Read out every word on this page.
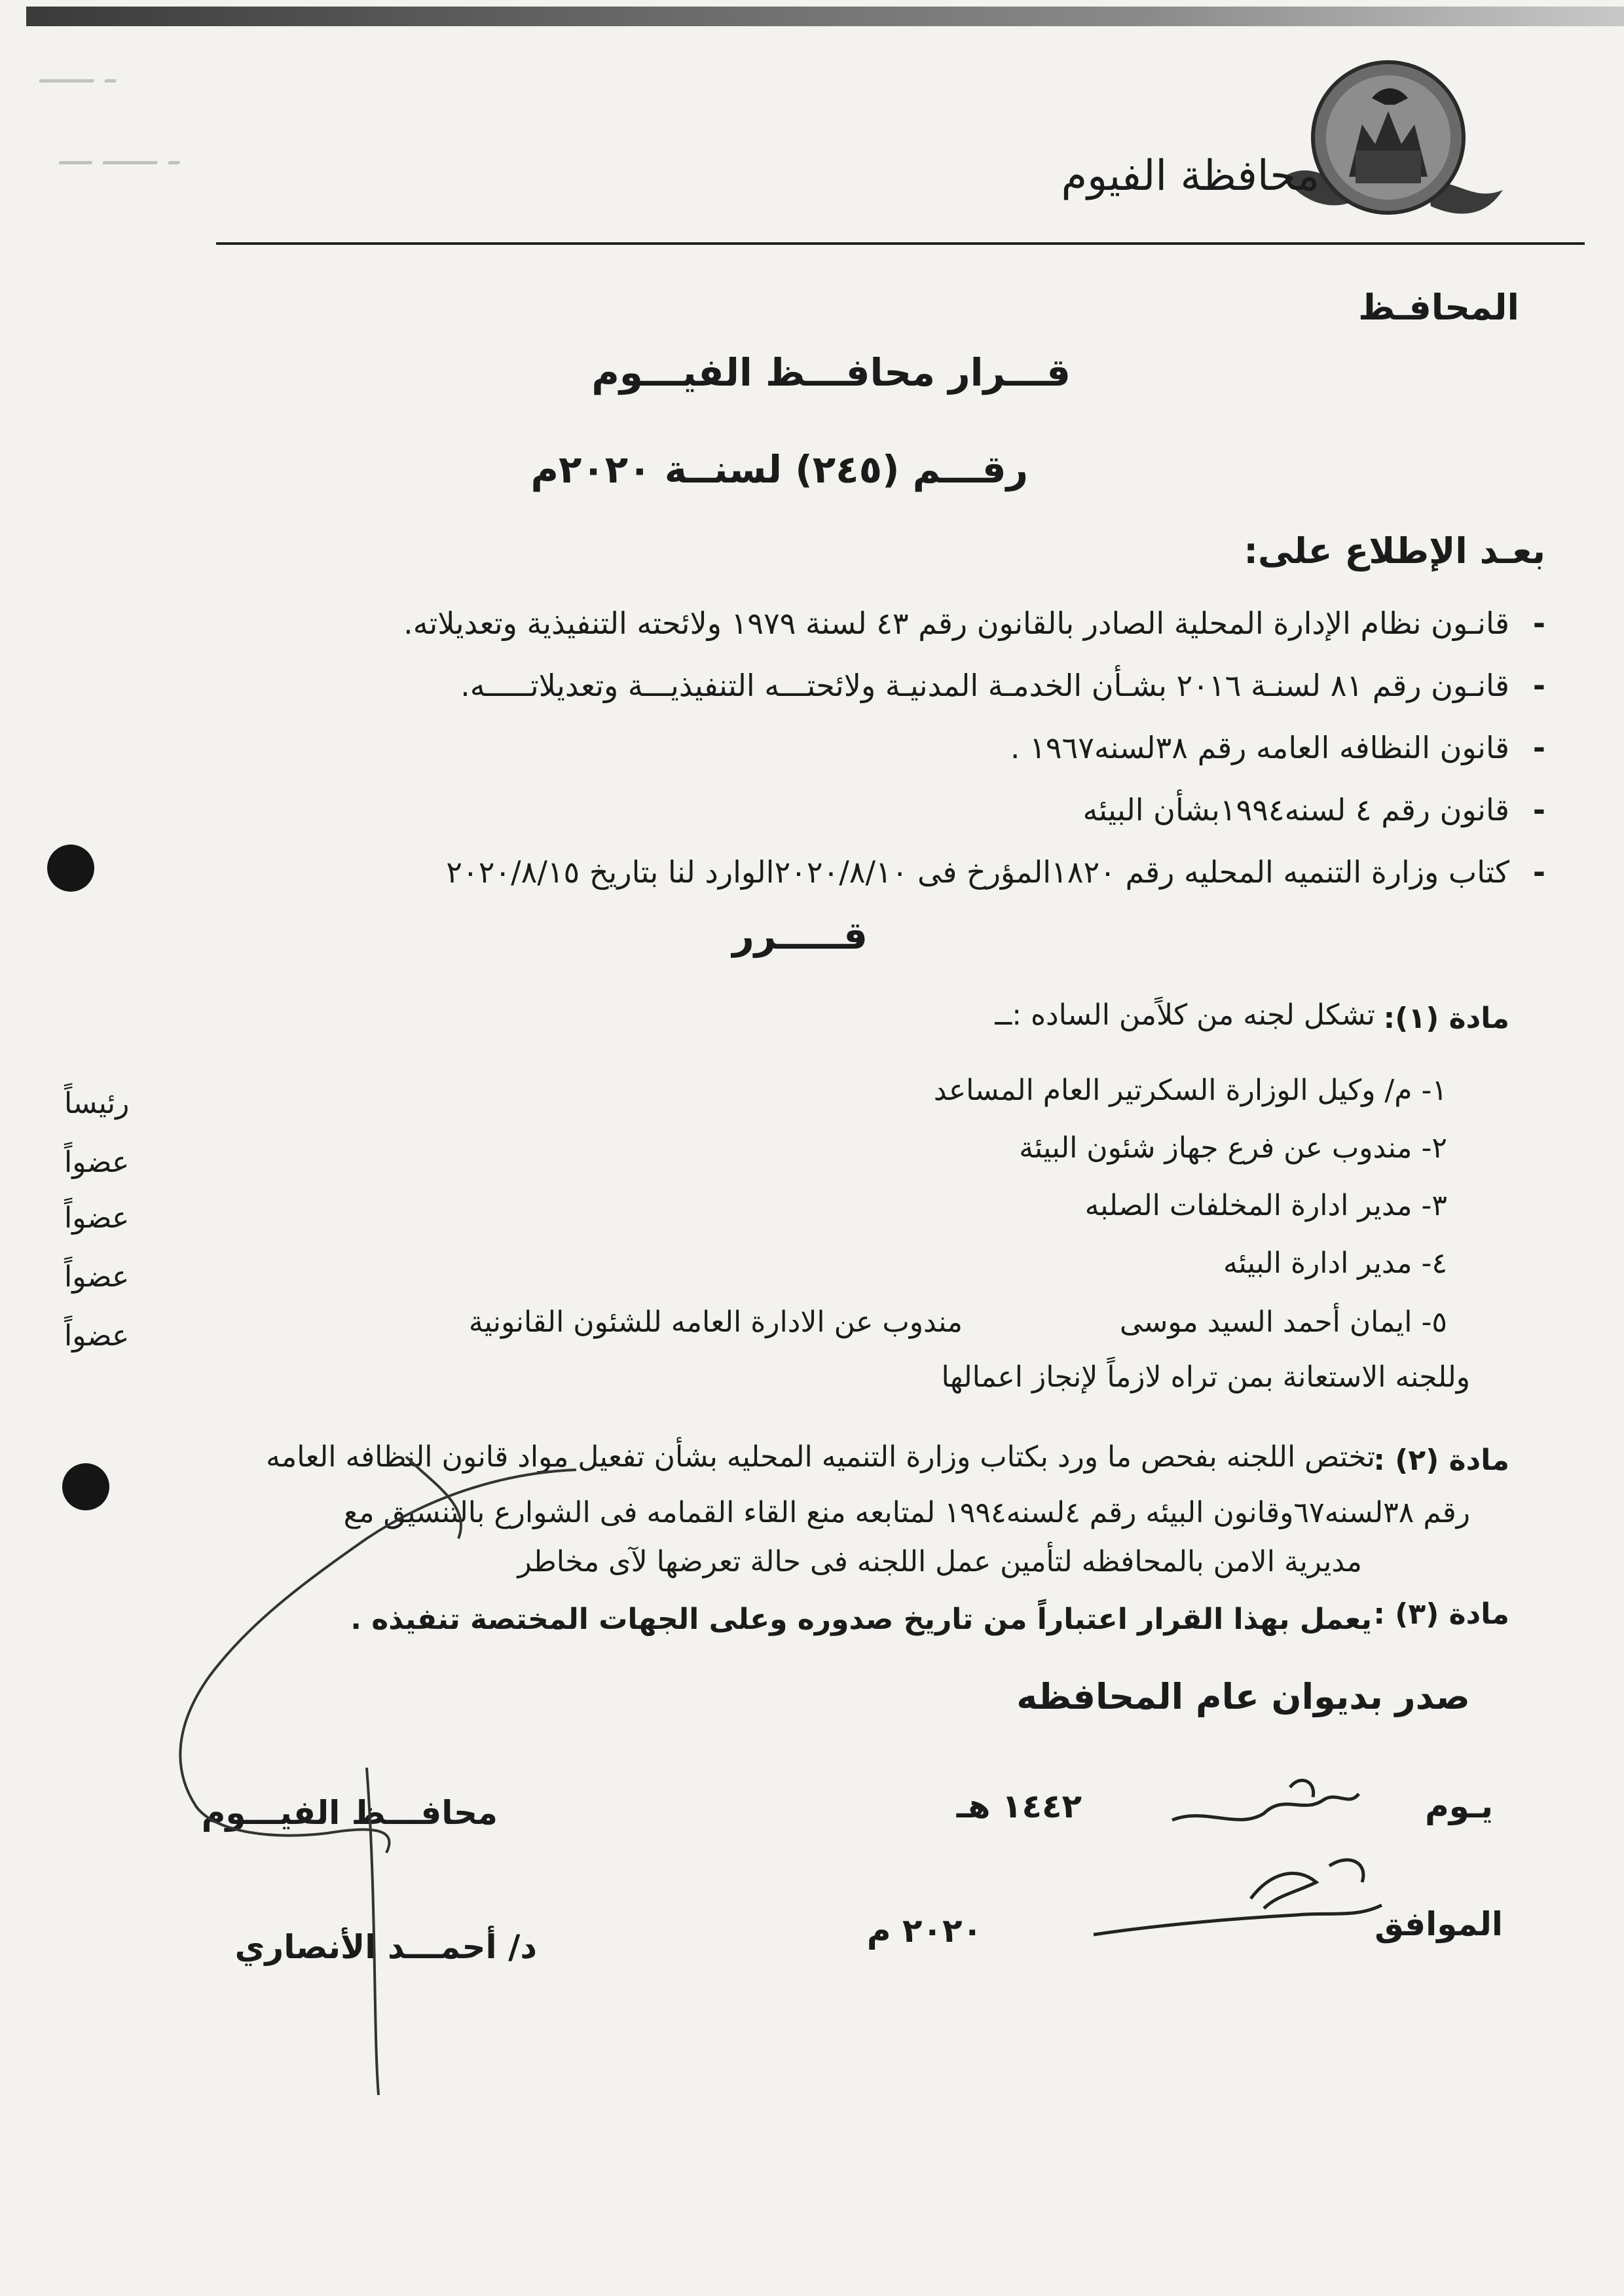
ـ ـــــ
ـ ـــــ ـــ	محافظة الفيوم
المحافـظ
قـــرار محافـــظ الفيـــوم
رقـــم (٢٤٥) لسنــة ٢٠٢٠م
بعـد الإطلاع على:
-
قانـون نظام الإدارة المحلية الصادر بالقانون رقم ٤٣ لسنة ١٩٧٩ ولائحته التنفيذية وتعديلاته.
-
قانـون رقم ٨١ لسنـة ٢٠١٦ بشـأن الخدمـة المدنيـة ولائحتـــه التنفيذيـــة وتعديلاتـــــه.
-
قانون النظافه العامه رقم ٣٨لسنه١٩٦٧ .
-
قانون رقم ٤ لسنه١٩٩٤بشأن البيئه
-
كتاب وزارة التنميه المحليه رقم ١٨٢٠المؤرخ فى ٢٠٢٠/٨/١٠الوارد لنا بتاريخ ٢٠٢٠/٨/١٥
قـــــرر
مادة (١):
تشكل لجنه من كلاًمن الساده :ــ
١- م/ وكيل الوزارة السكرتير العام المساعد
رئيساً
٢- مندوب عن فرع جهاز شئون البيئة
عضواً
٣- مدير ادارة المخلفات الصلبه
عضواً
٤- مدير ادارة البيئه
عضواً
٥- ايمان أحمد السيد موسى
مندوب عن الادارة العامه للشئون القانونية
عضواً
وللجنه الاستعانة بمن تراه لازماً لإنجاز اعمالها
مادة (٢) :
تختص اللجنه بفحص ما ورد بكتاب وزارة التنميه المحليه بشأن تفعيل مواد قانون النظافه العامه
رقم ٣٨لسنه٦٧وقانون البيئه رقم ٤لسنه١٩٩٤ لمتابعه منع القاء القمامه فى الشوارع بالتنسيق مع
مديرية الامن بالمحافظه لتأمين عمل اللجنه فى حالة تعرضها لآى مخاطر
مادة (٣) :
يعمل بهذا القرار اعتباراً من تاريخ صدوره وعلى الجهات المختصة تنفيذه .
صدر بديوان عام المحافظه
يـوم
١٤٤٢ هـ
الموافق
٢٠٢٠ م
محافـــظ الفيـــوم
د/ أحمـــد الأنصاري
